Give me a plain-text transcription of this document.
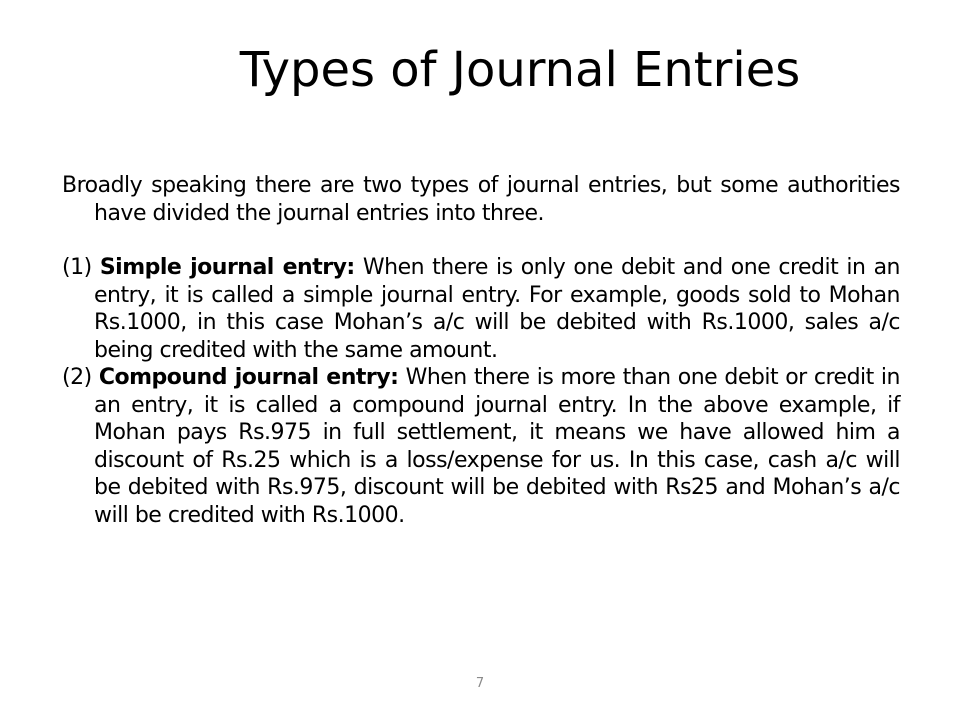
Types of Journal Entries

Broadly speaking there are two types of journal entries, but some authorities have divided the journal entries into three.

(1) Simple journal entry: When there is only one debit and one credit in an entry, it is called a simple journal entry. For example, goods sold to Mohan Rs.1000, in this case Mohan’s a/c will be debited with Rs.1000, sales a/c being credited with the same amount.

(2) Compound journal entry: When there is more than one debit or credit in an entry, it is called a compound journal entry. In the above example, if Mohan pays Rs.975 in full settlement, it means we have allowed him a discount of Rs.25 which is a loss/expense for us. In this case, cash a/c will be debited with Rs.975, discount will be debited with Rs25 and Mohan’s a/c will be credited with Rs.1000.

7
